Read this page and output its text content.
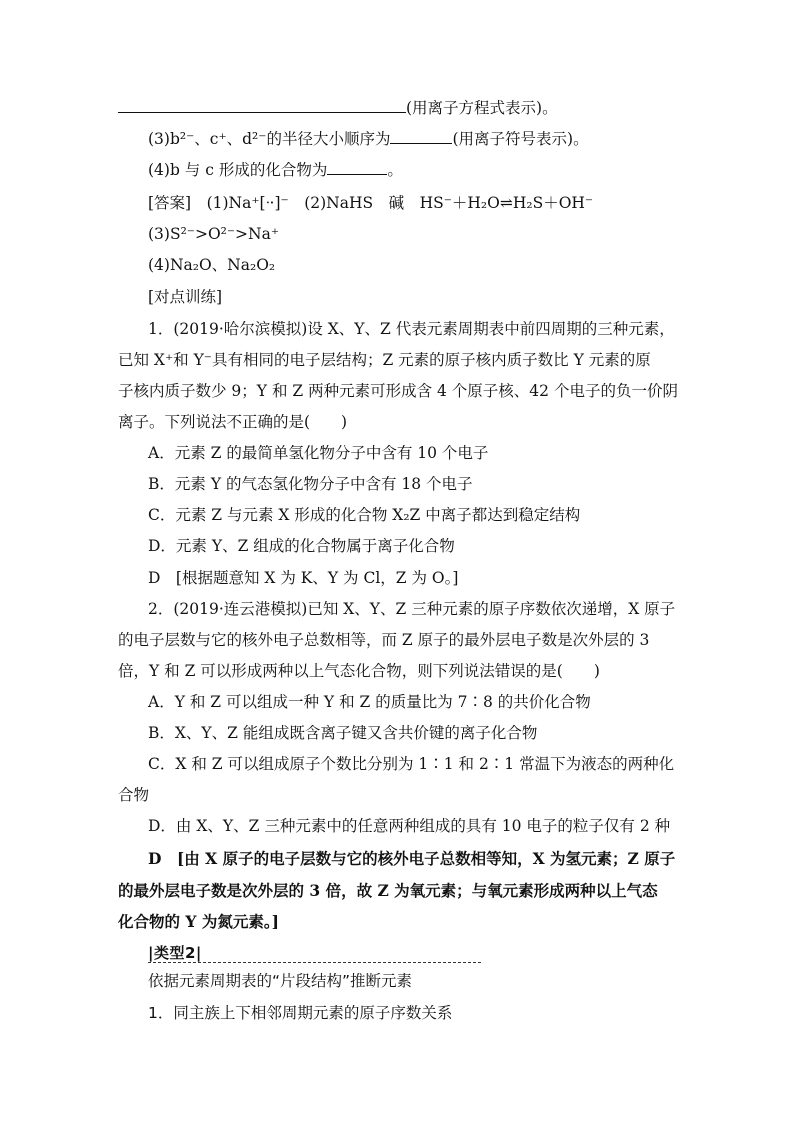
(用离子方程式表示)。
(3)b²⁻、c⁺、d²⁻的半径大小顺序为	(用离子符号表示)。
(4)b 与 c 形成的化合物为	。
[答案]　(1)Na⁺[ᐧ·]⁻　(2)NaHS　碱　HS⁻＋H₂O⇌H₂S＋OH⁻
(3)S²⁻>O²⁻>Na⁺
(4)Na₂O、Na₂O₂
[对点训练]
1．(2019·哈尔滨模拟)设 X、Y、Z 代表元素周期表中前四周期的三种元素，
已知 X⁺和 Y⁻具有相同的电子层结构；Z 元素的原子核内质子数比 Y 元素的原
子核内质子数少 9；Y 和 Z 两种元素可形成含 4 个原子核、42 个电子的负一价阴
离子。下列说法不正确的是(　　)
A．元素 Z 的最简单氢化物分子中含有 10 个电子
B．元素 Y 的气态氢化物分子中含有 18 个电子
C．元素 Z 与元素 X 形成的化合物 X₂Z 中离子都达到稳定结构
D．元素 Y、Z 组成的化合物属于离子化合物
D　[根据题意知 X 为 K、Y 为 Cl，Z 为 O。]
2．(2019·连云港模拟)已知 X、Y、Z 三种元素的原子序数依次递增，X 原子
的电子层数与它的核外电子总数相等，而 Z 原子的最外层电子数是次外层的 3
倍，Y 和 Z 可以形成两种以上气态化合物，则下列说法错误的是(　　)
A．Y 和 Z 可以组成一种 Y 和 Z 的质量比为 7∶8 的共价化合物
B．X、Y、Z 能组成既含离子键又含共价键的离子化合物
C．X 和 Z 可以组成原子个数比分别为 1∶1 和 2∶1 常温下为液态的两种化
合物
D．由 X、Y、Z 三种元素中的任意两种组成的具有 10 电子的粒子仅有 2 种
D　[由 X 原子的电子层数与它的核外电子总数相等知，X 为氢元素；Z 原子
的最外层电子数是次外层的 3 倍，故 Z 为氧元素；与氧元素形成两种以上气态
化合物的 Y 为氮元素。]
|类型2|
依据元素周期表的“片段结构”推断元素
1．同主族上下相邻周期元素的原子序数关系
